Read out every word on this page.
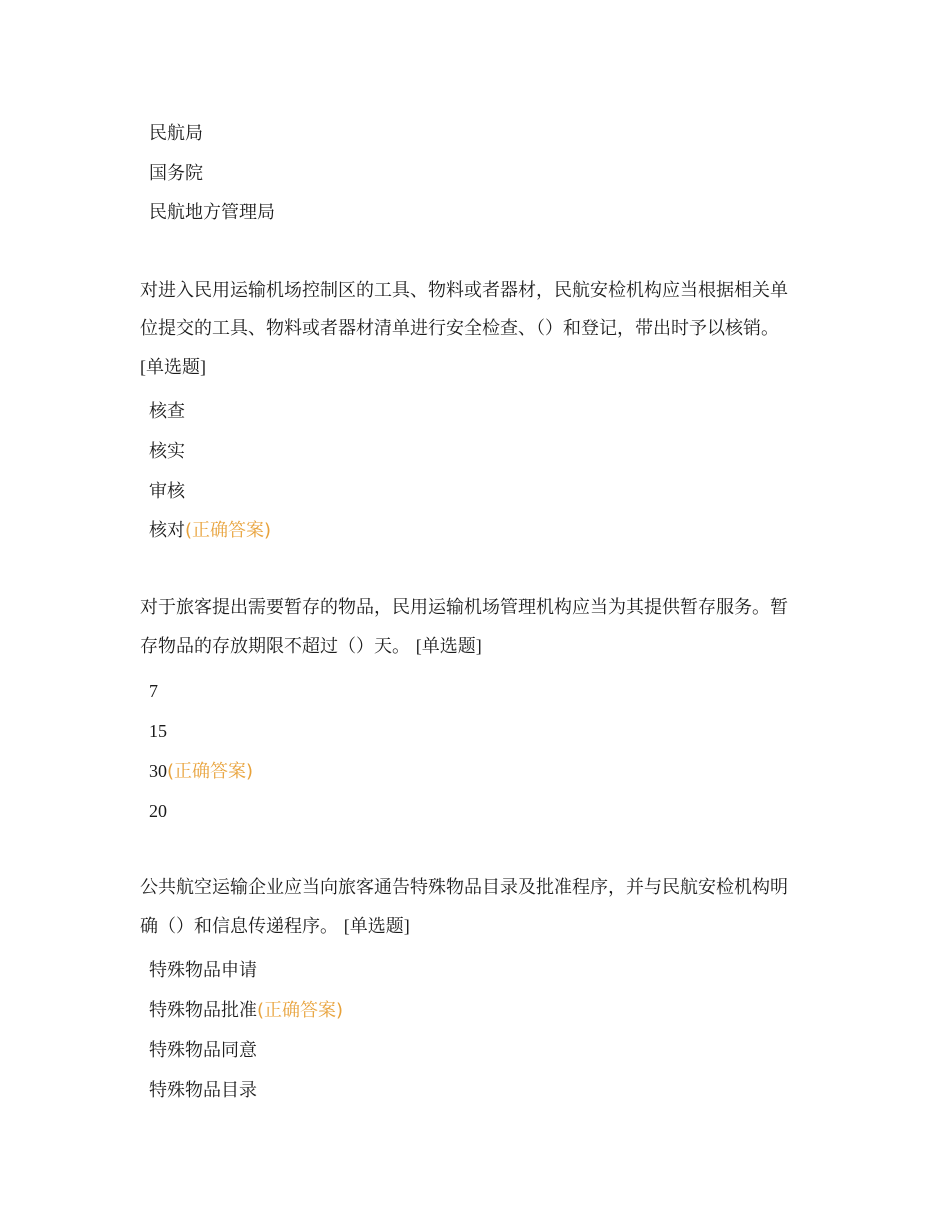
民航局
国务院
民航地方管理局
对进入民用运输机场控制区的工具、物料或者器材，民航安检机构应当根据相关单
位提交的工具、物料或者器材清单进行安全检查、（）和登记，带出时予以核销。
[单选题]
核查
核实
审核
核对(正确答案)
对于旅客提出需要暂存的物品，民用运输机场管理机构应当为其提供暂存服务。暂
存物品的存放期限不超过（）天。 [单选题]
7
15
30(正确答案)
20
公共航空运输企业应当向旅客通告特殊物品目录及批准程序，并与民航安检机构明
确（）和信息传递程序。 [单选题]
特殊物品申请
特殊物品批准(正确答案)
特殊物品同意
特殊物品目录
